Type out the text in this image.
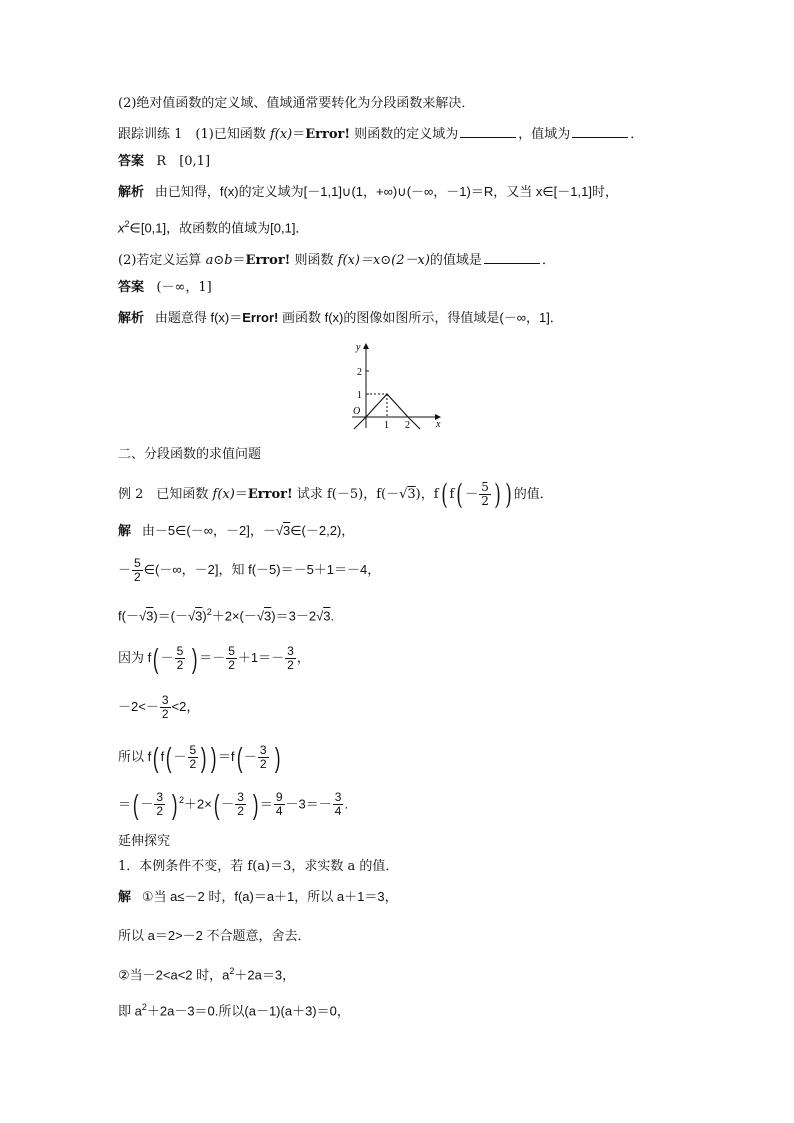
(2)绝对值函数的定义域、值域通常要转化为分段函数来解决．
跟踪训练 1　(1)已知函数 f(x)＝Error! 则函数的定义域为	，值域为	．
答案 R　[0,1]
解析 由已知得，f(x)的定义域为[－1,1]∪(1，+∞)∪(－∞，－1)＝R，又当 x∈[－1,1]时，
$x^2\in[0,1]$，故函数的值域为[0,1]．
(2)若定义运算 a⊙b＝Error! 则函数 f(x)＝x⊙(2－x)的值域是	．
答案 (－∞，1]
解析 由题意得 f(x)＝Error! 画函数 f(x)的图像如图所示，得值域是(－∞，1]．
y
x
O
1
2
1 2
二、分段函数的求值问题
例 2　已知函数 f(x)＝Error! 试求 f(－5)，f(－√3)，f( $f( - \frac{5}{2}$ ) ) 的值．
解 由－5∈(－∞，－2]，－√3∈(－2,2)，
－ $\frac{5}{2}$ ∈(－∞，－2]，知 f(－5)＝－5＋1＝－4，
$f(-√3)=(-√3)^2+2\times(-√3)=3-2√3$.
因为 $f( - \frac{5}{2}$ ) ＝－ $\frac{5}{2} +1=- \frac{3}{2}$ ，
$-2<- \frac{3}{2} <2$，
所以 f( $f( - \frac{5}{2}$ ) ) $=f( - \frac{3}{2}$ )
＝( － $\frac{3}{2}$ ) $^2+2\times( - \frac{3}{2}$ ) ＝ $\frac{9}{4} -3=- \frac{3}{4}$ .
延伸探究
1．本例条件不变，若 f(a)＝3，求实数 a 的值．
解 ①当 a≤－2 时，f(a)＝a＋1，所以 a＋1＝3，
所以 a＝2>－2 不合题意，舍去．
②当－2<a<2 时，$a^2+2a=3$，
即 $a^2+2a-3=0$.所以(a－1)(a＋3)＝0，
